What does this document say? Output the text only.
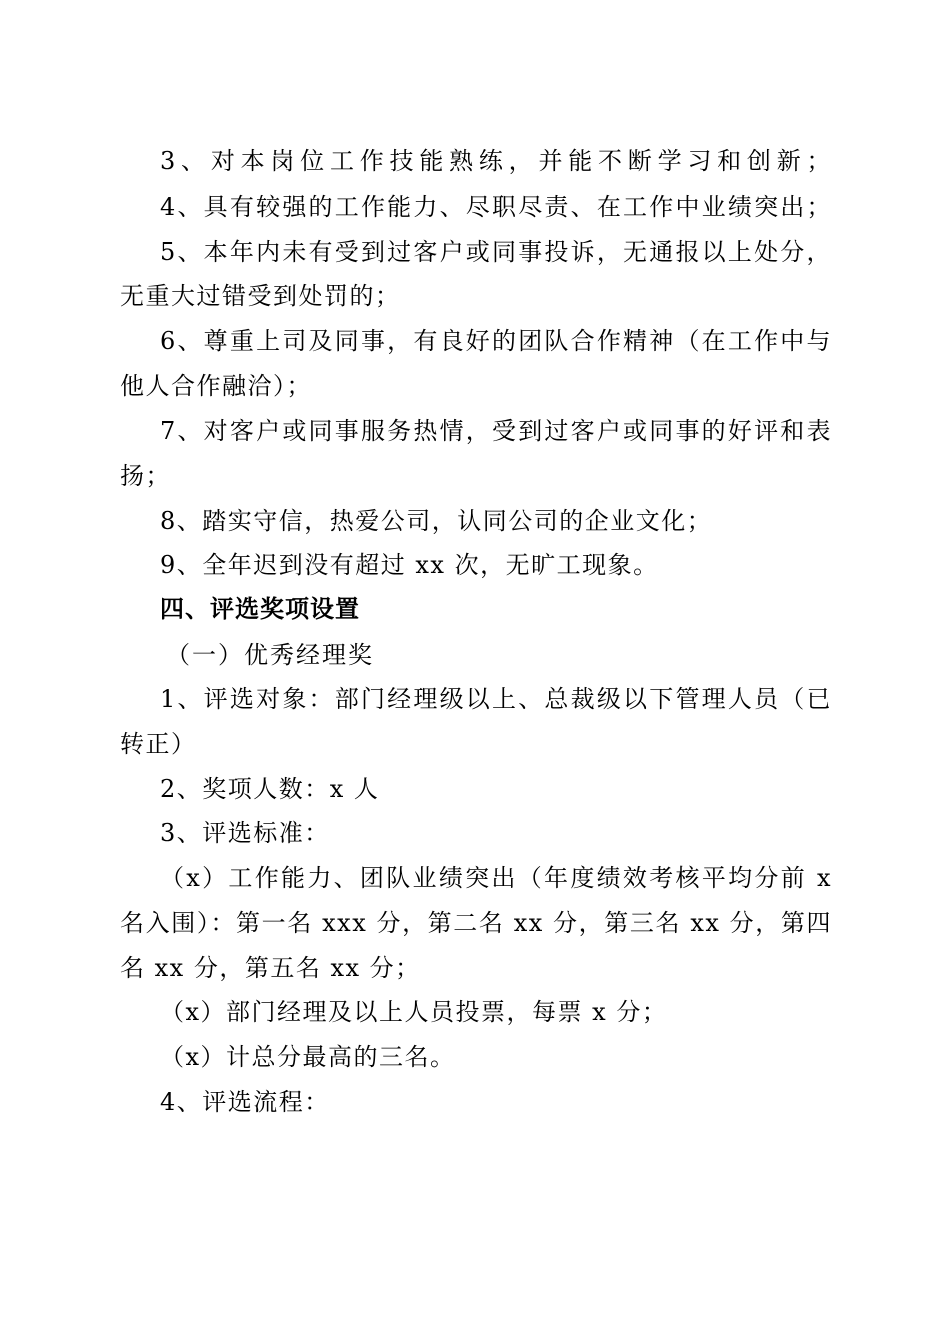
3、对本岗位工作技能熟练，并能不断学习和创新；
4、具有较强的工作能力、尽职尽责、在工作中业绩突出；
5、本年内未有受到过客户或同事投诉，无通报以上处分，
无重大过错受到处罚的；
6、尊重上司及同事，有良好的团队合作精神（在工作中与
他人合作融洽）；
7、对客户或同事服务热情，受到过客户或同事的好评和表
扬；
8、踏实守信，热爱公司，认同公司的企业文化；
9、全年迟到没有超过 xx 次，无旷工现象。
四、评选奖项设置
（一）优秀经理奖
1、评选对象：部门经理级以上、总裁级以下管理人员（已
转正）
2、奖项人数：x 人
3、评选标准：
（x）工作能力、团队业绩突出（年度绩效考核平均分前 x
名入围）：第一名 xxx 分，第二名 xx 分，第三名 xx 分，第四
名 xx 分，第五名 xx 分；
（x）部门经理及以上人员投票，每票 x 分；
（x）计总分最高的三名。
4、评选流程：
